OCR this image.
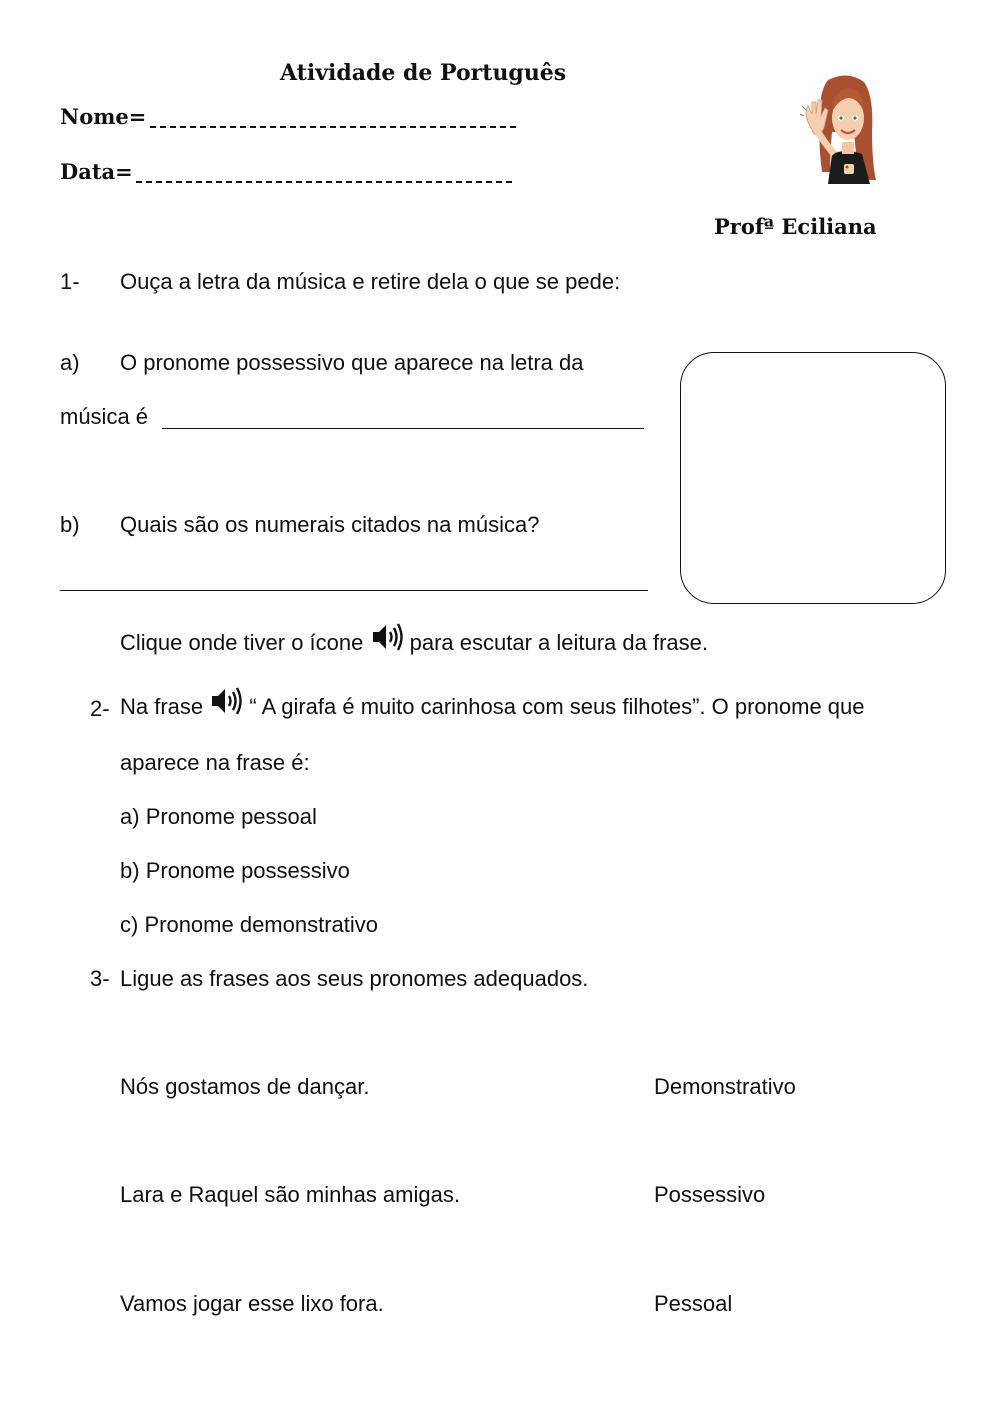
Atividade de Português
Nome=
Data=
Profª Eciliana
1- Ouça a letra da música e retire dela o que se pede:
a) O pronome possessivo que aparece na letra da
música é
b) Quais são os numerais citados na música?
Clique onde tiver o ícone para escutar a leitura da frase.
2- Na frase “ A girafa é muito carinhosa com seus filhotes”. O pronome que
aparece na frase é:
a) Pronome pessoal
b) Pronome possessivo
c) Pronome demonstrativo
3- Ligue as frases aos seus pronomes adequados.
Nós gostamos de dançar.	Demonstrativo
Lara e Raquel são minhas amigas.	Possessivo
Vamos jogar esse lixo fora.	Pessoal
